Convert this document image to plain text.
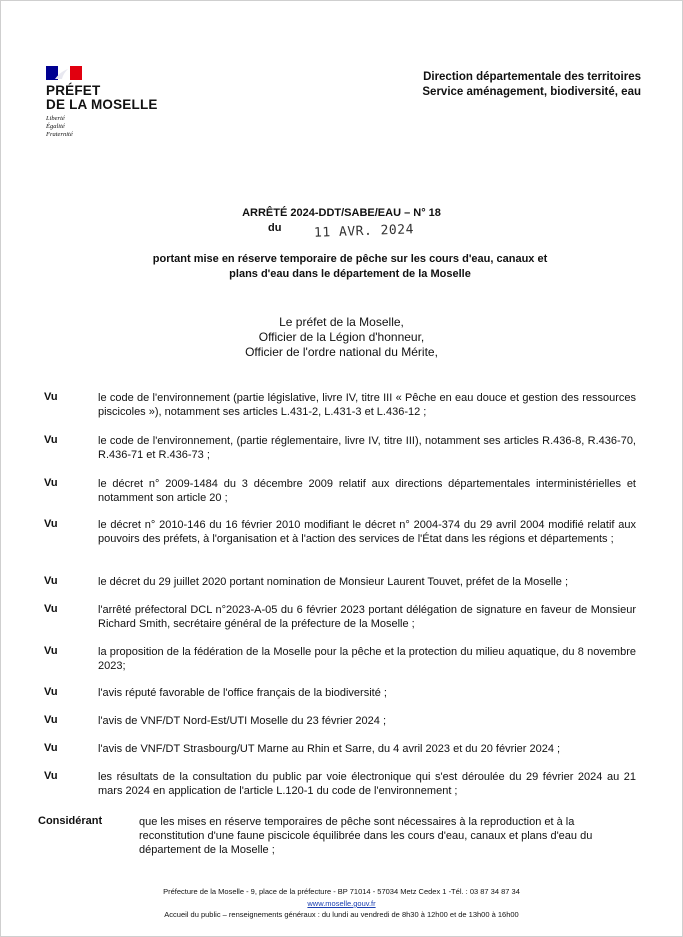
PRÉFET
DE LA MOSELLE
Liberté
Égalité
Fraternité
Direction départementale des territoires
Service aménagement, biodiversité, eau
ARRÊTÉ 2024-DDT/SABE/EAU – N° 18
du 11 AVR. 2024
portant mise en réserve temporaire de pêche sur les cours d'eau, canaux et
plans d'eau dans le département de la Moselle
Le préfet de la Moselle,
Officier de la Légion d'honneur,
Officier de l'ordre national du Mérite,
Vu	le code de l'environnement (partie législative, livre IV, titre III « Pêche en eau douce et gestion des ressources piscicoles »), notamment ses articles L.431-2, L.431-3 et L.436-12 ;
Vu	le code de l'environnement, (partie réglementaire, livre IV, titre III), notamment ses articles R.436-8, R.436-70, R.436-71 et R.436-73 ;
Vu	le décret n° 2009-1484 du 3 décembre 2009 relatif aux directions départementales interministérielles et notamment son article 20 ;
Vu	le décret n° 2010-146 du 16 février 2010 modifiant le décret n° 2004-374 du 29 avril 2004 modifié relatif aux pouvoirs des préfets, à l'organisation et à l'action des services de l'État dans les régions et départements ;
Vu	le décret du 29 juillet 2020 portant nomination de Monsieur Laurent Touvet, préfet de la Moselle ;
Vu	l'arrêté préfectoral DCL n°2023-A-05 du 6 février 2023 portant délégation de signature en faveur de Monsieur Richard Smith, secrétaire général de la préfecture de la Moselle ;
Vu	la proposition de la fédération de la Moselle pour la pêche et la protection du milieu aquatique, du 8 novembre 2023;
Vu	l'avis réputé favorable de l'office français de la biodiversité ;
Vu	l'avis de VNF/DT Nord-Est/UTI Moselle du 23 février 2024 ;
Vu	l'avis de VNF/DT Strasbourg/UT Marne au Rhin et Sarre, du 4 avril 2023 et du 20 février 2024 ;
Vu	les résultats de la consultation du public par voie électronique qui s'est déroulée du 29 février 2024 au 21 mars 2024 en application de l'article L.120-1 du code de l'environnement ;
Considérant	que les mises en réserve temporaires de pêche sont nécessaires à la reproduction et à la reconstitution d'une faune piscicole équilibrée dans les cours d'eau, canaux et plans d'eau du département de la Moselle ;
Préfecture de la Moselle - 9, place de la préfecture - BP 71014 - 57034 Metz Cedex 1 -Tél. : 03 87 34 87 34
www.moselle.gouv.fr
Accueil du public – renseignements généraux : du lundi au vendredi de 8h30 à 12h00 et de 13h00 à 16h00
